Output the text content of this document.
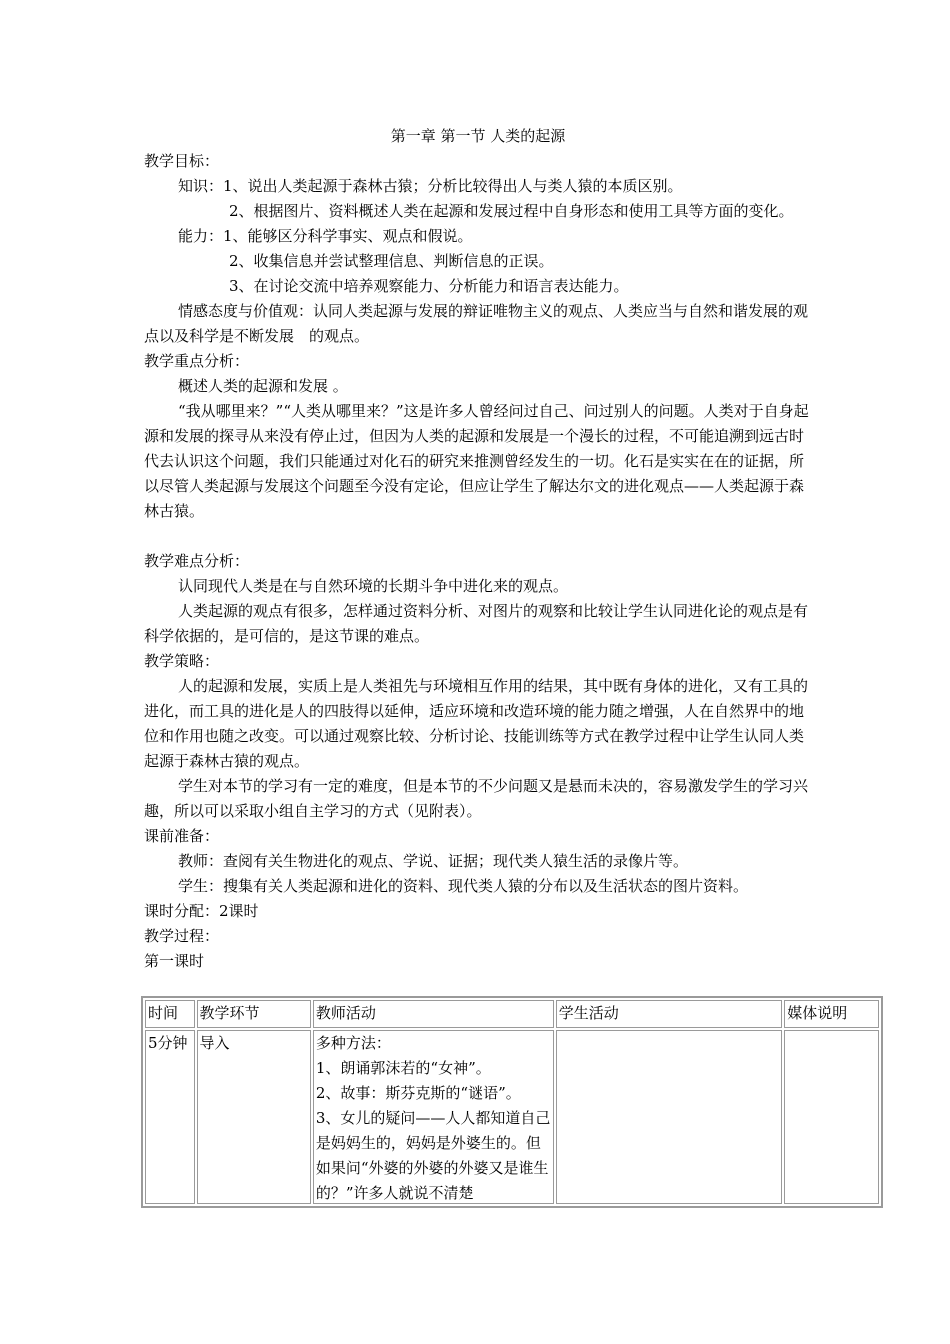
第一章 第一节 人类的起源

教学目标：

知识：1、说出人类起源于森林古猿；分析比较得出人与类人猿的本质区别。

2、根据图片、资料概述人类在起源和发展过程中自身形态和使用工具等方面的变化。

能力：1、能够区分科学事实、观点和假说。

2、收集信息并尝试整理信息、判断信息的正误。

3、在讨论交流中培养观察能力、分析能力和语言表达能力。

情感态度与价值观：认同人类起源与发展的辩证唯物主义的观点、人类应当与自然和谐发展的观点以及科学是不断发展　的观点。

教学重点分析：

概述人类的起源和发展 。

“我从哪里来？”“人类从哪里来？”这是许多人曾经问过自己、问过别人的问题。人类对于自身起源和发展的探寻从来没有停止过，但因为人类的起源和发展是一个漫长的过程，不可能追溯到远古时代去认识这个问题，我们只能通过对化石的研究来推测曾经发生的一切。化石是实实在在的证据，所以尽管人类起源与发展这个问题至今没有定论，但应让学生了解达尔文的进化观点——人类起源于森林古猿。

教学难点分析：

认同现代人类是在与自然环境的长期斗争中进化来的观点。

人类起源的观点有很多，怎样通过资料分析、对图片的观察和比较让学生认同进化论的观点是有科学依据的，是可信的，是这节课的难点。

教学策略：

人的起源和发展，实质上是人类祖先与环境相互作用的结果，其中既有身体的进化，又有工具的进化，而工具的进化是人的四肢得以延伸，适应环境和改造环境的能力随之增强，人在自然界中的地位和作用也随之改变。可以通过观察比较、分析讨论、技能训练等方式在教学过程中让学生认同人类起源于森林古猿的观点。

学生对本节的学习有一定的难度，但是本节的不少问题又是悬而未决的，容易激发学生的学习兴趣，所以可以采取小组自主学习的方式（见附表）。

课前准备：

教师：查阅有关生物进化的观点、学说、证据；现代类人猿生活的录像片等。

学生：搜集有关人类起源和进化的资料、现代类人猿的分布以及生活状态的图片资料。

课时分配：2课时

教学过程：

第一课时

时间	教学环节	教师活动	学生活动	媒体说明

5分钟	导入	多种方法：
1、朗诵郭沫若的“女神”。
2、故事：斯芬克斯的“谜语”。
3、女儿的疑问——人人都知道自己是妈妈生的，妈妈是外婆生的。但如果问“外婆的外婆的外婆又是谁生的？”许多人就说不清楚		
